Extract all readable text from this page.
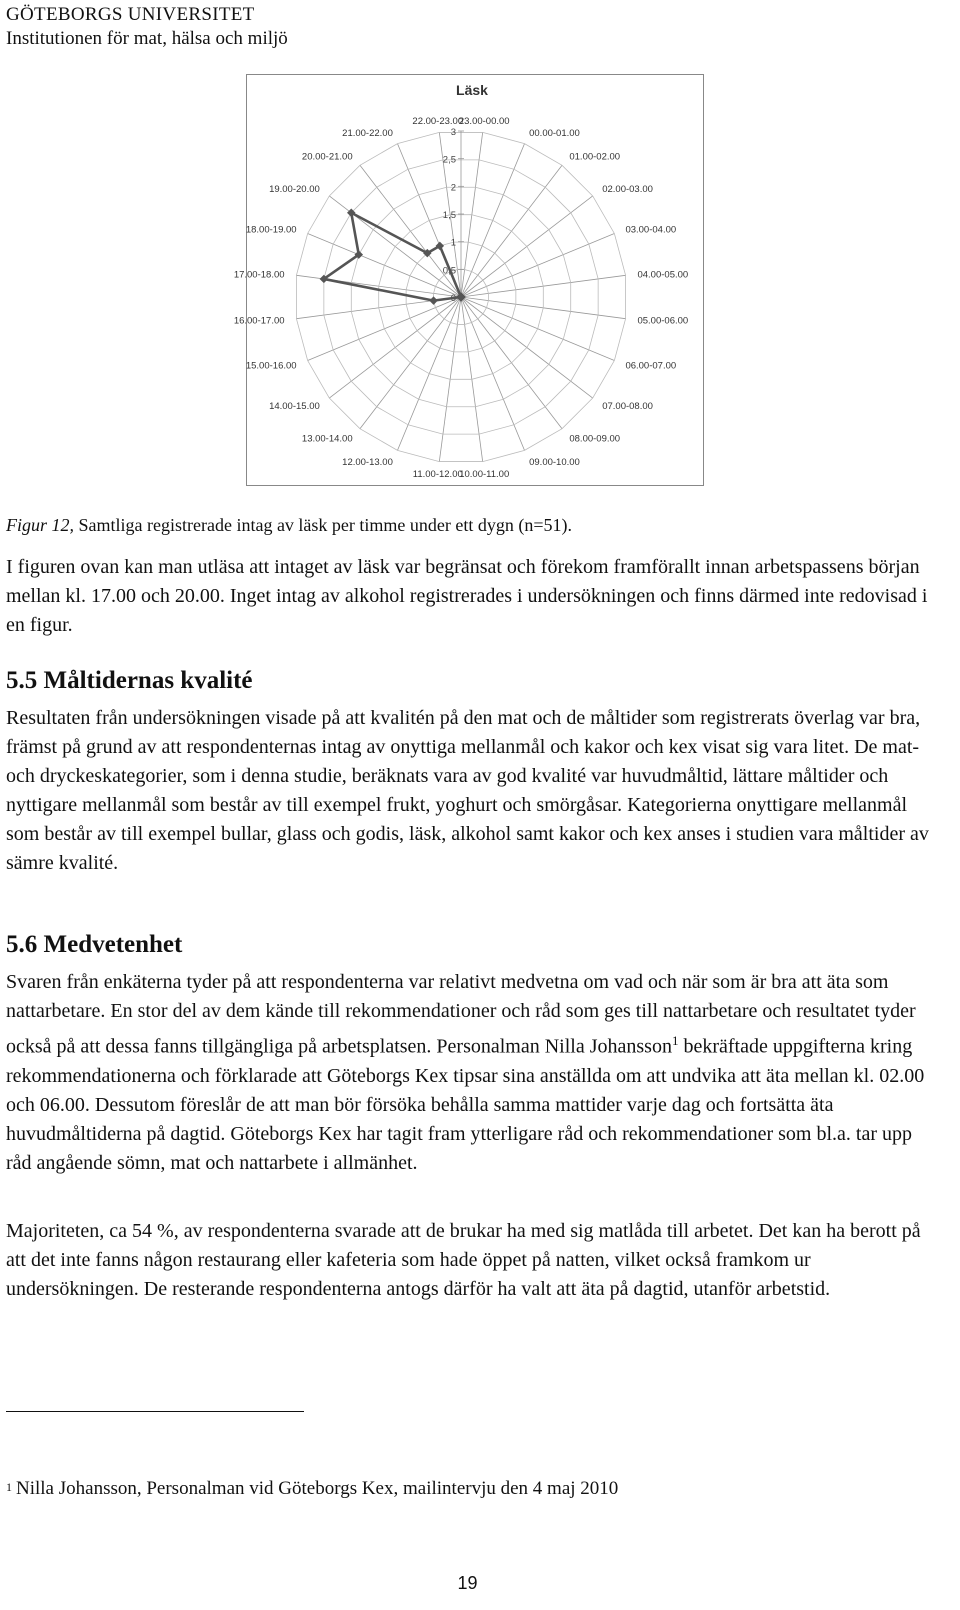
GÖTEBORGS UNIVERSITET
Institutionen för mat, hälsa och miljö
Läsk
0
0,5
1
1,5
2
2,5
3
23.00-00.00
00.00-01.00
01.00-02.00
02.00-03.00
03.00-04.00
04.00-05.00
05.00-06.00
06.00-07.00
07.00-08.00
08.00-09.00
09.00-10.00
10.00-11.00
11.00-12.00
12.00-13.00
13.00-14.00
14.00-15.00
15.00-16.00
16.00-17.00
17.00-18.00
18.00-19.00
19.00-20.00
20.00-21.00
21.00-22.00
22.00-23.00
Figur 12, Samtliga registrerade intag av läsk per timme under ett dygn (n=51).

I figuren ovan kan man utläsa att intaget av läsk var begränsat och förekom framförallt innan arbetspassens början mellan kl. 17.00 och 20.00. Inget intag av alkohol registrerades i undersökningen och finns därmed inte redovisad i en figur.

5.5 Måltidernas kvalité

Resultaten från undersökningen visade på att kvalitén på den mat och de måltider som registrerats överlag var bra, främst på grund av att respondenternas intag av onyttiga mellanmål och kakor och kex visat sig vara litet. De mat- och dryckeskategorier, som i denna studie, beräknats vara av god kvalité var huvudmåltid, lättare måltider och nyttigare mellanmål som består av till exempel frukt, yoghurt och smörgåsar. Kategorierna onyttigare mellanmål som består av till exempel bullar, glass och godis, läsk, alkohol samt kakor och kex anses i studien vara måltider av sämre kvalité.

5.6 Medvetenhet

Svaren från enkäterna tyder på att respondenterna var relativt medvetna om vad och när som är bra att äta som nattarbetare. En stor del av dem kände till rekommendationer och råd som ges till nattarbetare och resultatet tyder också på att dessa fanns tillgängliga på arbetsplatsen. Personalman Nilla Johansson$^1$ bekräftade uppgifterna kring rekommendationerna och förklarade att Göteborgs Kex tipsar sina anställda om att undvika att äta mellan kl. 02.00 och 06.00. Dessutom föreslår de att man bör försöka behålla samma mattider varje dag och fortsätta äta huvudmåltiderna på dagtid. Göteborgs Kex har tagit fram ytterligare råd och rekommendationer som bl.a. tar upp råd angående sömn, mat och nattarbete i allmänhet.

Majoriteten, ca 54 %, av respondenterna svarade att de brukar ha med sig matlåda till arbetet. Det kan ha berott på att det inte fanns någon restaurang eller kafeteria som hade öppet på natten, vilket också framkom ur undersökningen. De resterande respondenterna antogs därför ha valt att äta på dagtid, utanför arbetstid.

$^1$ Nilla Johansson, Personalman vid Göteborgs Kex, mailintervju den 4 maj 2010
19
